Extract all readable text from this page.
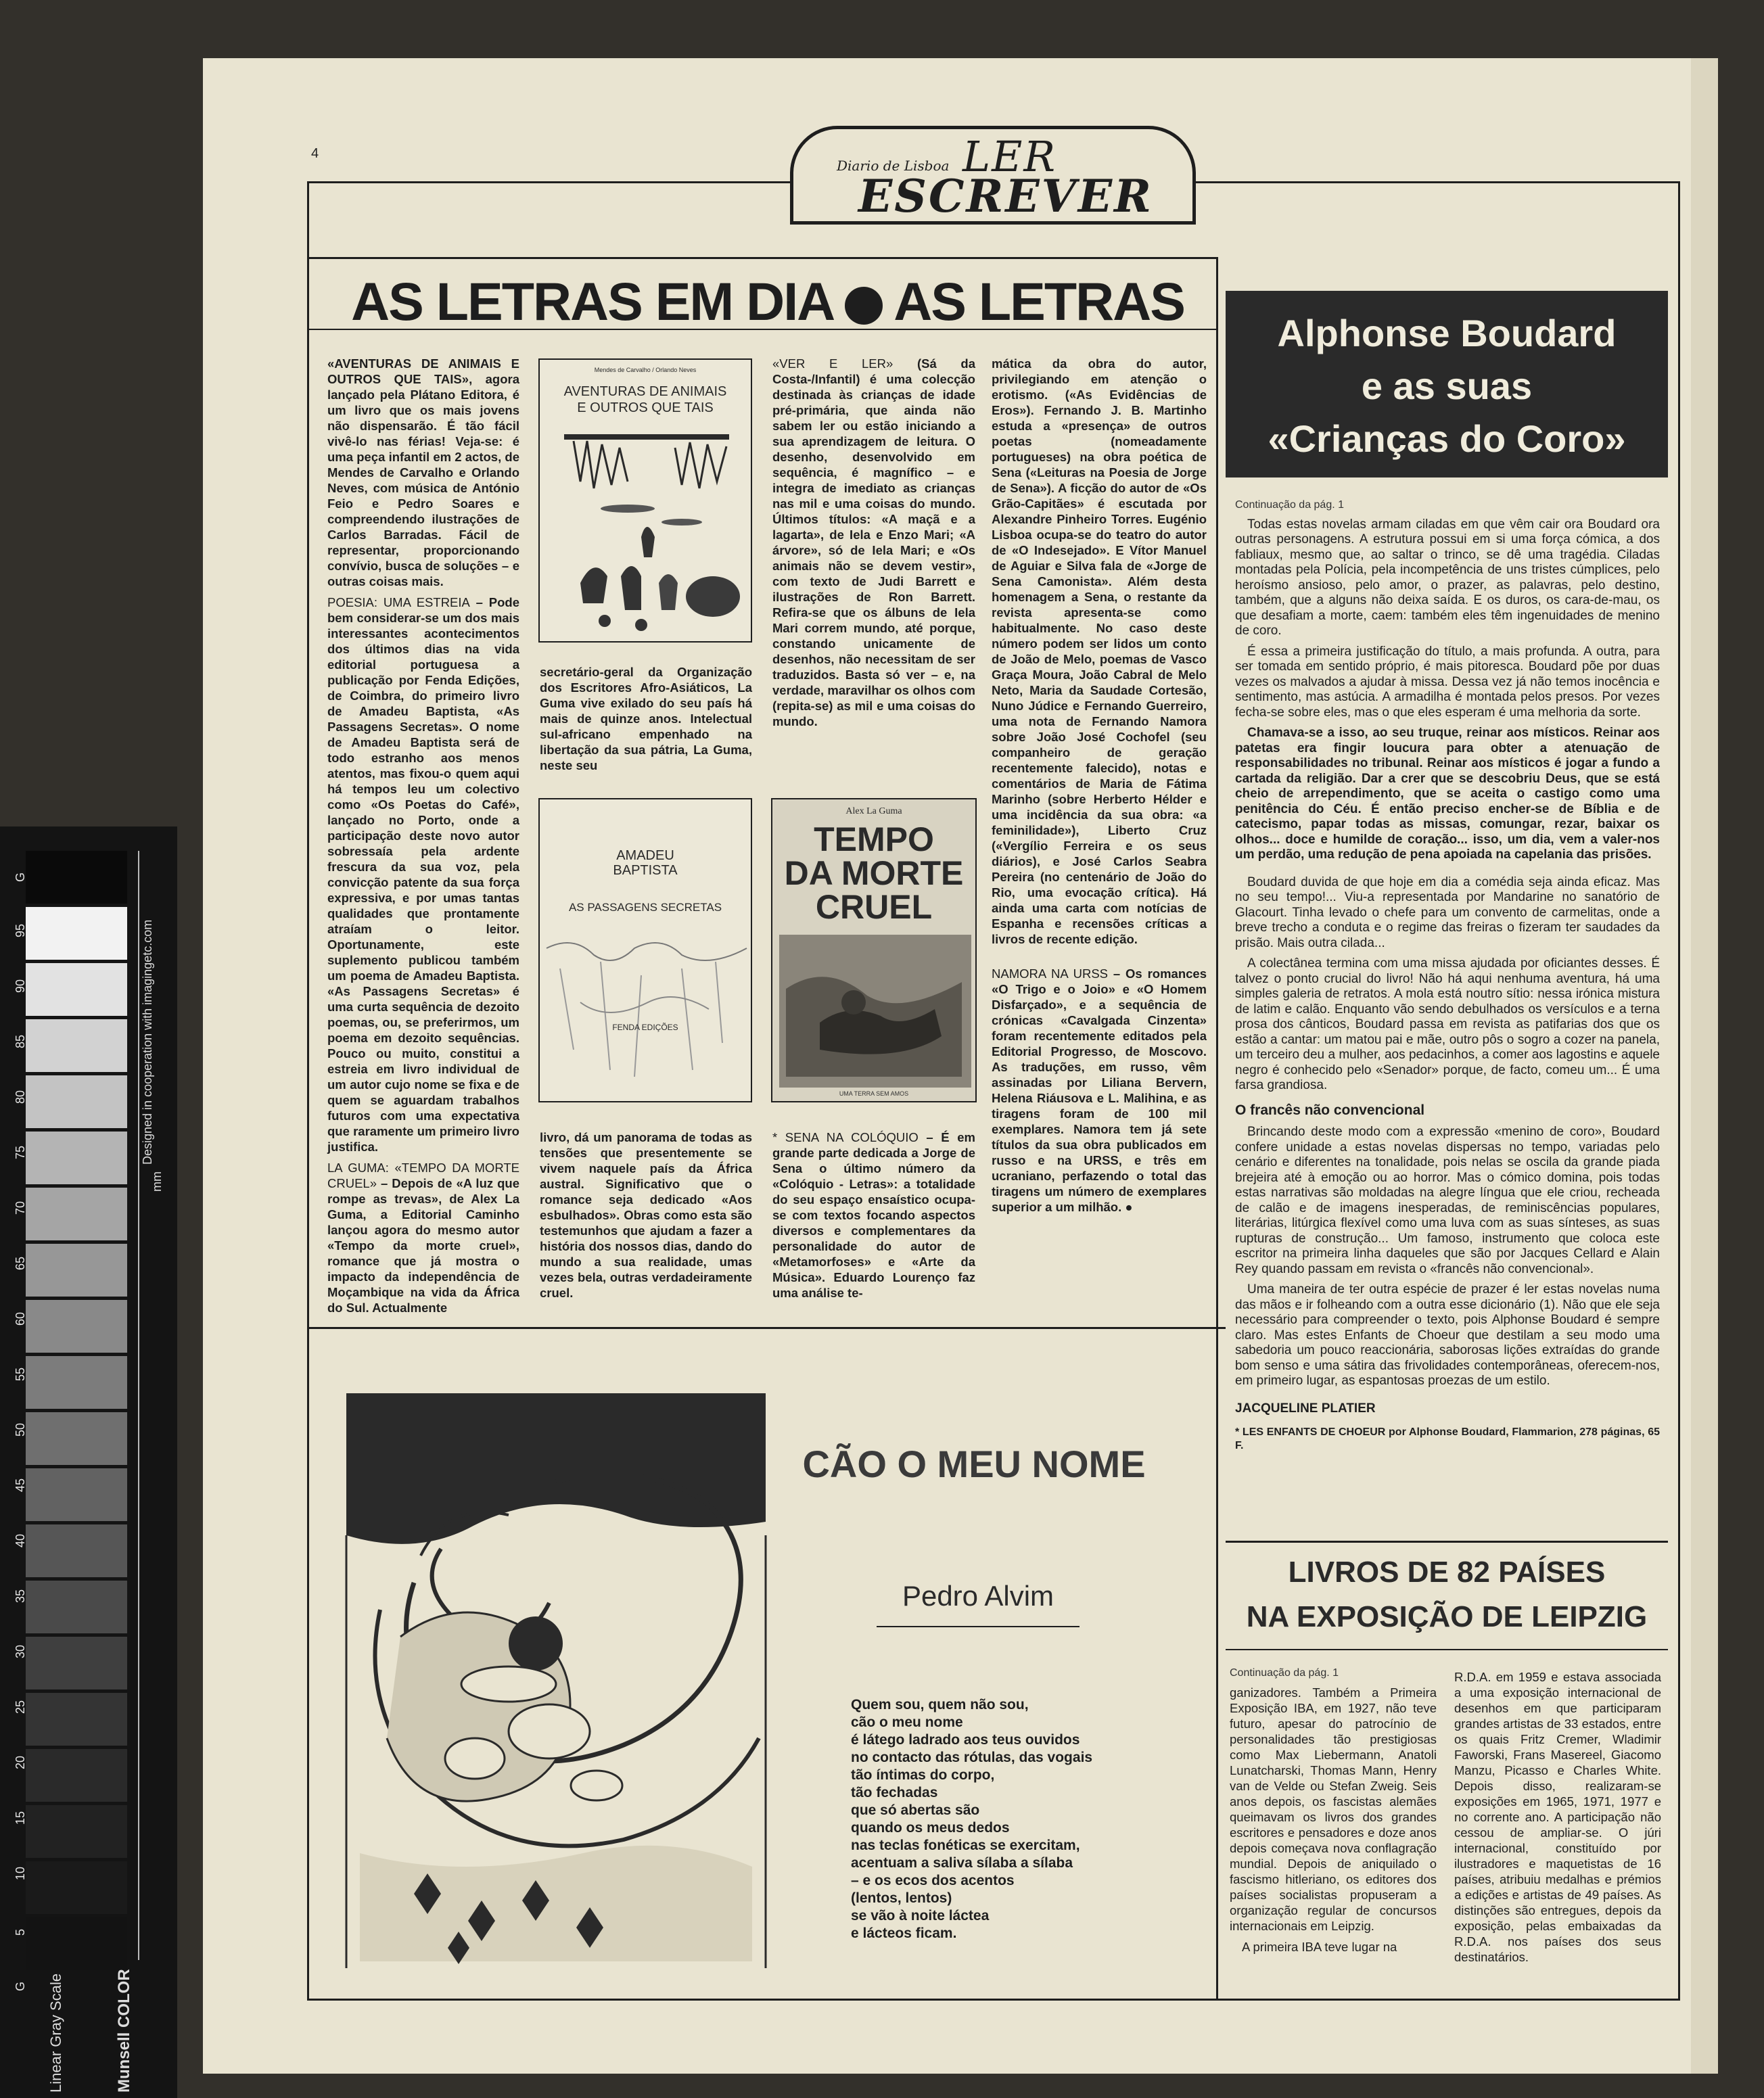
4
Diario de Lisboa LER
ESCREVER
AS LETRAS EM DIA AS LETRAS

«AVENTURAS DE ANIMAIS E OUTROS QUE TAIS», agora lançado pela Plátano Editora, é um livro que os mais jovens não dispensarão. É tão fácil vivê-lo nas férias! Veja-se: é uma peça infantil em 2 actos, de Mendes de Carvalho e Orlando Neves, com música de António Feio e Pedro Soares e compreendendo ilustrações de Carlos Barradas. Fácil de representar, proporcionando convívio, busca de soluções – e outras coisas mais.

POESIA: UMA ESTREIA – Pode bem considerar-se um dos mais interessantes acontecimentos dos últimos dias na vida editorial portuguesa a publicação por Fenda Edições, de Coimbra, do primeiro livro de Amadeu Baptista, «As Passagens Secretas». O nome de Amadeu Baptista será de todo estranho aos menos atentos, mas fixou-o quem aqui há tempos leu um colectivo como «Os Poetas do Café», lançado no Porto, onde a participação deste novo autor sobressaía pela ardente frescura da sua voz, pela convicção patente da sua força expressiva, e por umas tantas qualidades que prontamente atraíam o leitor. Oportunamente, este suplemento publicou também um poema de Amadeu Baptista. «As Passagens Secretas» é uma curta sequência de dezoito poemas, ou, se preferirmos, um poema em dezoito sequências. Pouco ou muito, constitui a estreia em livro individual de um autor cujo nome se fixa e de quem se aguardam trabalhos futuros com uma expectativa que raramente um primeiro livro justifica.

LA GUMA: «TEMPO DA MORTE CRUEL» – Depois de «A luz que rompe as trevas», de Alex La Guma, a Editorial Caminho lançou agora do mesmo autor «Tempo da morte cruel», romance que já mostra o impacto da independência de Moçambique na vida da África do Sul. Actualmente

Mendes de Carvalho / Orlando Neves
AVENTURAS DE ANIMAIS
E OUTROS QUE TAIS

secretário-geral da Organização dos Escritores Afro-Asiáticos, La Guma vive exilado do seu país há mais de quinze anos. Intelectual sul-africano empenhado na libertação da sua pátria, La Guma, neste seu

livro, dá um panorama de todas as tensões que presentemente se vivem naquele país da África austral. Significativo que o romance seja dedicado «Aos esbulhados». Obras como esta são testemunhos que ajudam a fazer a história dos nossos dias, dando do mundo a sua realidade, umas vezes bela, outras verdadeiramente cruel.

AMADEU
BAPTISTA
AS PASSAGENS SECRETAS
FENDA EDIÇÕES

«VER E LER» (Sá da Costa-/Infantil) é uma colecção destinada às crianças de idade pré-primária, que ainda não sabem ler ou estão iniciando a sua aprendizagem de leitura. O desenho, desenvolvido em sequência, é magnífico – e integra de imediato as crianças nas mil e uma coisas do mundo. Últimos títulos: «A maçã e a lagarta», de Iela e Enzo Mari; «A árvore», só de Iela Mari; e «Os animais não se devem vestir», com texto de Judi Barrett e ilustrações de Ron Barrett. Refira-se que os álbuns de Iela Mari correm mundo, até porque, constando unicamente de desenhos, não necessitam de ser traduzidos. Basta só ver – e, na verdade, maravilhar os olhos com (repita-se) as mil e uma coisas do mundo.

Alex La Guma
TEMPO
DA MORTE
CRUEL
UMA TERRA SEM AMOS

* SENA NA COLÓQUIO – É em grande parte dedicada a Jorge de Sena o último número da «Colóquio - Letras»: a totalidade do seu espaço ensaístico ocupa-se com textos focando aspectos diversos e complementares da personalidade do autor de «Metamorfoses» e «Arte da Música». Eduardo Lourenço faz uma análise te-

mática da obra do autor, privilegiando em atenção o erotismo. («As Evidências de Eros»). Fernando J. B. Martinho estuda a «presença» de outros poetas (nomeadamente portugueses) na obra poética de Sena («Leituras na Poesia de Jorge de Sena»). A ficção do autor de «Os Grão-Capitães» é escutada por Alexandre Pinheiro Torres. Eugénio Lisboa ocupa-se do teatro do autor de «O Indesejado». E Vítor Manuel de Aguiar e Silva fala de «Jorge de Sena Camonista». Além desta homenagem a Sena, o restante da revista apresenta-se como habitualmente. No caso deste número podem ser lidos um conto de João de Melo, poemas de Vasco Graça Moura, João Cabral de Melo Neto, Maria da Saudade Cortesão, Nuno Júdice e Fernando Guerreiro, uma nota de Fernando Namora sobre João José Cochofel (seu companheiro de geração recentemente falecido), notas e comentários de Maria de Fátima Marinho (sobre Herberto Hélder e uma incidência da sua obra: «a feminilidade»), Liberto Cruz («Vergílio Ferreira e os seus diários), e José Carlos Seabra Pereira (no centenário de João do Rio, uma evocação crítica). Há ainda uma carta com notícias de Espanha e recensões críticas a livros de recente edição.

NAMORA NA URSS – Os romances «O Trigo e o Joio» e «O Homem Disfarçado», e a sequência de crónicas «Cavalgada Cinzenta» foram recentemente editados pela Editorial Progresso, de Moscovo. As traduções, em russo, vêm assinadas por Liliana Bervern, Helena Riáusova e L. Malihina, e as tiragens foram de 100 mil exemplares. Namora tem já sete títulos da sua obra publicados em russo e na URSS, e três em ucraniano, perfazendo o total das tiragens um número de exemplares superior a um milhão. ●

Alphonse Boudard
e as suas
«Crianças do Coro»
Continuação da pág. 1

Todas estas novelas armam ciladas em que vêm cair ora Boudard ora outras personagens. A estrutura possui em si uma força cómica, a dos fabliaux, mesmo que, ao saltar o trinco, se dê uma tragédia. Ciladas montadas pela Polícia, pela incompetência de uns tristes cúmplices, pelo heroísmo ansioso, pelo amor, o prazer, as palavras, pelo destino, também, que a alguns não deixa saída. E os duros, os cara-de-mau, os que desafiam a morte, caem: também eles têm ingenuidades de menino de coro.

É essa a primeira justificação do título, a mais profunda. A outra, para ser tomada em sentido próprio, é mais pitoresca. Boudard põe por duas vezes os malvados a ajudar à missa. Dessa vez já não temos inocência e sentimento, mas astúcia. A armadilha é montada pelos presos. Por vezes fecha-se sobre eles, mas o que eles esperam é uma melhoria da sorte.

Chamava-se a isso, ao seu truque, reinar aos místicos. Reinar aos patetas era fingir loucura para obter a atenuação de responsabilidades no tribunal. Reinar aos místicos é jogar a fundo a cartada da religião. Dar a crer que se descobriu Deus, que se está cheio de arrependimento, que se aceita o castigo como uma penitência do Céu. É então preciso encher-se de Bíblia e de catecismo, papar todas as missas, comungar, rezar, baixar os olhos... doce e humilde de coração... isso, um dia, vem a valer-nos um perdão, uma redução de pena apoiada na capelania das prisões.

Boudard duvida de que hoje em dia a comédia seja ainda eficaz. Mas no seu tempo!... Viu-a representada por Mandarine no sanatório de Glacourt. Tinha levado o chefe para um convento de carmelitas, onde a breve trecho a conduta e o regime das freiras o fizeram ter saudades da prisão. Mais outra cilada...

A colectânea termina com uma missa ajudada por oficiantes desses. É talvez o ponto crucial do livro! Não há aqui nenhuma aventura, há uma simples galeria de retratos. A mola está noutro sítio: nessa irónica mistura de latim e calão. Enquanto vão sendo debulhados os versículos e a terna prosa dos cânticos, Boudard passa em revista as patifarias dos que os estão a cantar: um matou pai e mãe, outro pôs o sogro a cozer na panela, um terceiro deu a mulher, aos pedacinhos, a comer aos lagostins e aquele negro é conhecido pelo «Senador» porque, de facto, comeu um... É uma farsa grandiosa.

O francês não convencional

Brincando deste modo com a expressão «menino de coro», Boudard confere unidade a estas novelas dispersas no tempo, variadas pelo cenário e diferentes na tonalidade, pois nelas se oscila da grande piada brejeira até à emoção ou ao horror. Mas o cómico domina, pois todas estas narrativas são moldadas na alegre língua que ele criou, recheada de calão e de imagens inesperadas, de reminiscências populares, literárias, litúrgica flexível como uma luva com as suas sínteses, as suas rupturas de construção... Um famoso, instrumento que coloca este escritor na primeira linha daqueles que são por Jacques Cellard e Alain Rey quando passam em revista o «francês não convencional».

Uma maneira de ter outra espécie de prazer é ler estas novelas numa das mãos e ir folheando com a outra esse dicionário (1). Não que ele seja necessário para compreender o texto, pois Alphonse Boudard é sempre claro. Mas estes Enfants de Choeur que destilam a seu modo uma sabedoria um pouco reaccionária, saborosas lições extraídas do grande bom senso e uma sátira das frivolidades contemporâneas, oferecem-nos, em primeiro lugar, as espantosas proezas de um estilo.

JACQUELINE PLATIER

* LES ENFANTS DE CHOEUR por Alphonse Boudard, Flammarion, 278 páginas, 65 F.

LIVROS DE 82 PAÍSES
NA EXPOSIÇÃO DE LEIPZIG
Continuação da pág. 1

ganizadores. Também a Primeira Exposição IBA, em 1927, não teve futuro, apesar do patrocínio de personalidades tão prestigiosas como Max Liebermann, Anatoli Lunatcharski, Thomas Mann, Henry van de Velde ou Stefan Zweig. Seis anos depois, os fascistas alemães queimavam os livros dos grandes escritores e pensadores e doze anos depois começava nova conflagração mundial. Depois de aniquilado o fascismo hitleriano, os editores dos países socialistas propuseram a organização regular de concursos internacionais em Leipzig.

A primeira IBA teve lugar na

R.D.A. em 1959 e estava associada a uma exposição internacional de desenhos em que participaram grandes artistas de 33 estados, entre os quais Fritz Cremer, Wladimir Faworski, Frans Masereel, Giacomo Manzu, Picasso e Charles White. Depois disso, realizaram-se exposições em 1965, 1971, 1977 e no corrente ano. A participação não cessou de ampliar-se. O júri internacional, constituído por ilustradores e maquetistas de 16 países, atribuiu medalhas e prémios a edições e artistas de 49 países. As distinções são entregues, depois da exposição, pelas embaixadas da R.D.A. nos países dos seus destinatários.

CÃO O MEU NOME
Pedro Alvim
Quem sou, quem não sou,
cão o meu nome
é látego ladrado aos teus ouvidos
no contacto das rótulas, das vogais
tão íntimas do corpo,
tão fechadas
que só abertas são
quando os meus dedos
nas teclas fonéticas se exercitam,
acentuam a saliva sílaba a sílaba
– e os ecos dos acentos
(lentos, lentos)
se vão à noite láctea
e lácteos ficam.
G
95
90
85
80
75
70
65
60
55
50
45
40
35
30
25
20
15
10
5
G
Designed in cooperation with imagingetc.com
mm
Munsell COLOR
Linear Gray Scale
